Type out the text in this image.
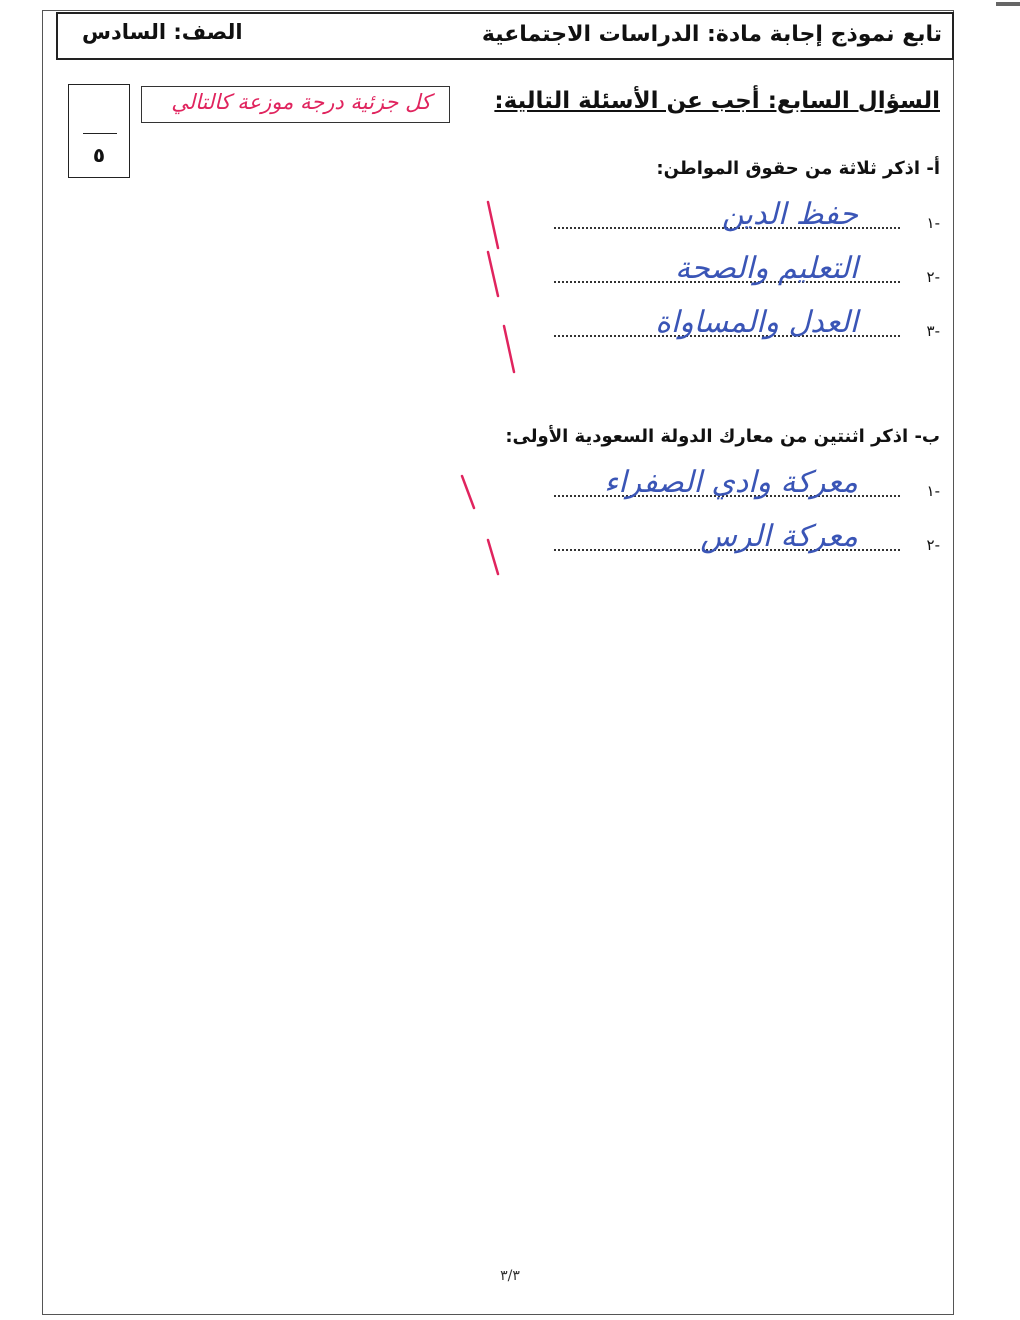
تابع نموذج إجابة مادة: الدراسات الاجتماعية
الصف: السادس
٥
كل جزئية درجة موزعة كالتالي	السؤال السابع: أجب عن الأسئلة التالية:
أ- اذكر ثلاثة من حقوق المواطن:
-١
حفظ الدين
-٢
التعليم والصحة
-٣
العدل والمساواة
ب- اذكر اثنتين من معارك الدولة السعودية الأولى:
-١
معركة وادي الصفراء
-٢
معركة الرس
٣/٣
